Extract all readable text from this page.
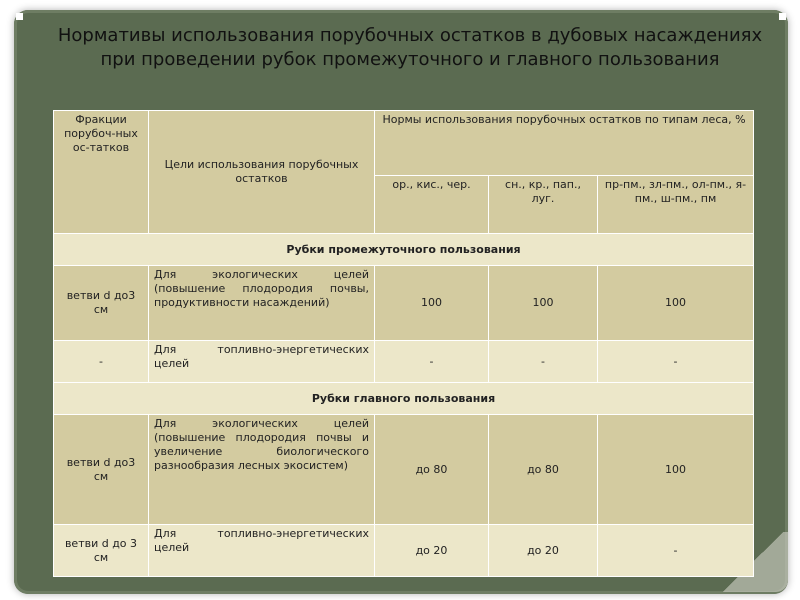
Нормативы использования порубочных остатков в дубовых насаждениях при проведении рубок промежуточного и главного пользования
Фракции порубоч-ных ос-татков	Цели использования порубочных остатков	Нормы использования порубочных остатков по типам леса, %		
		ор., кис., чер.	сн., кр., пап., луг.	пр-пм., зл-пм., ол-пм., я-пм., ш-пм., пм
Рубки промежуточного пользования				
ветви d до3 см	Для экологических целей (повышение плодородия почвы, продуктивности насаждений)	100	100	100
-	Для топливно-энергетических целей	-	-	-
Рубки главного пользования				
ветви d до3 см	Для экологических целей (повышение плодородия почвы и увеличение биологического разнообразия лесных экосистем)	до 80	до 80	100
ветви d до 3 см	Для топливно-энергетических целей	до 20	до 20	-
